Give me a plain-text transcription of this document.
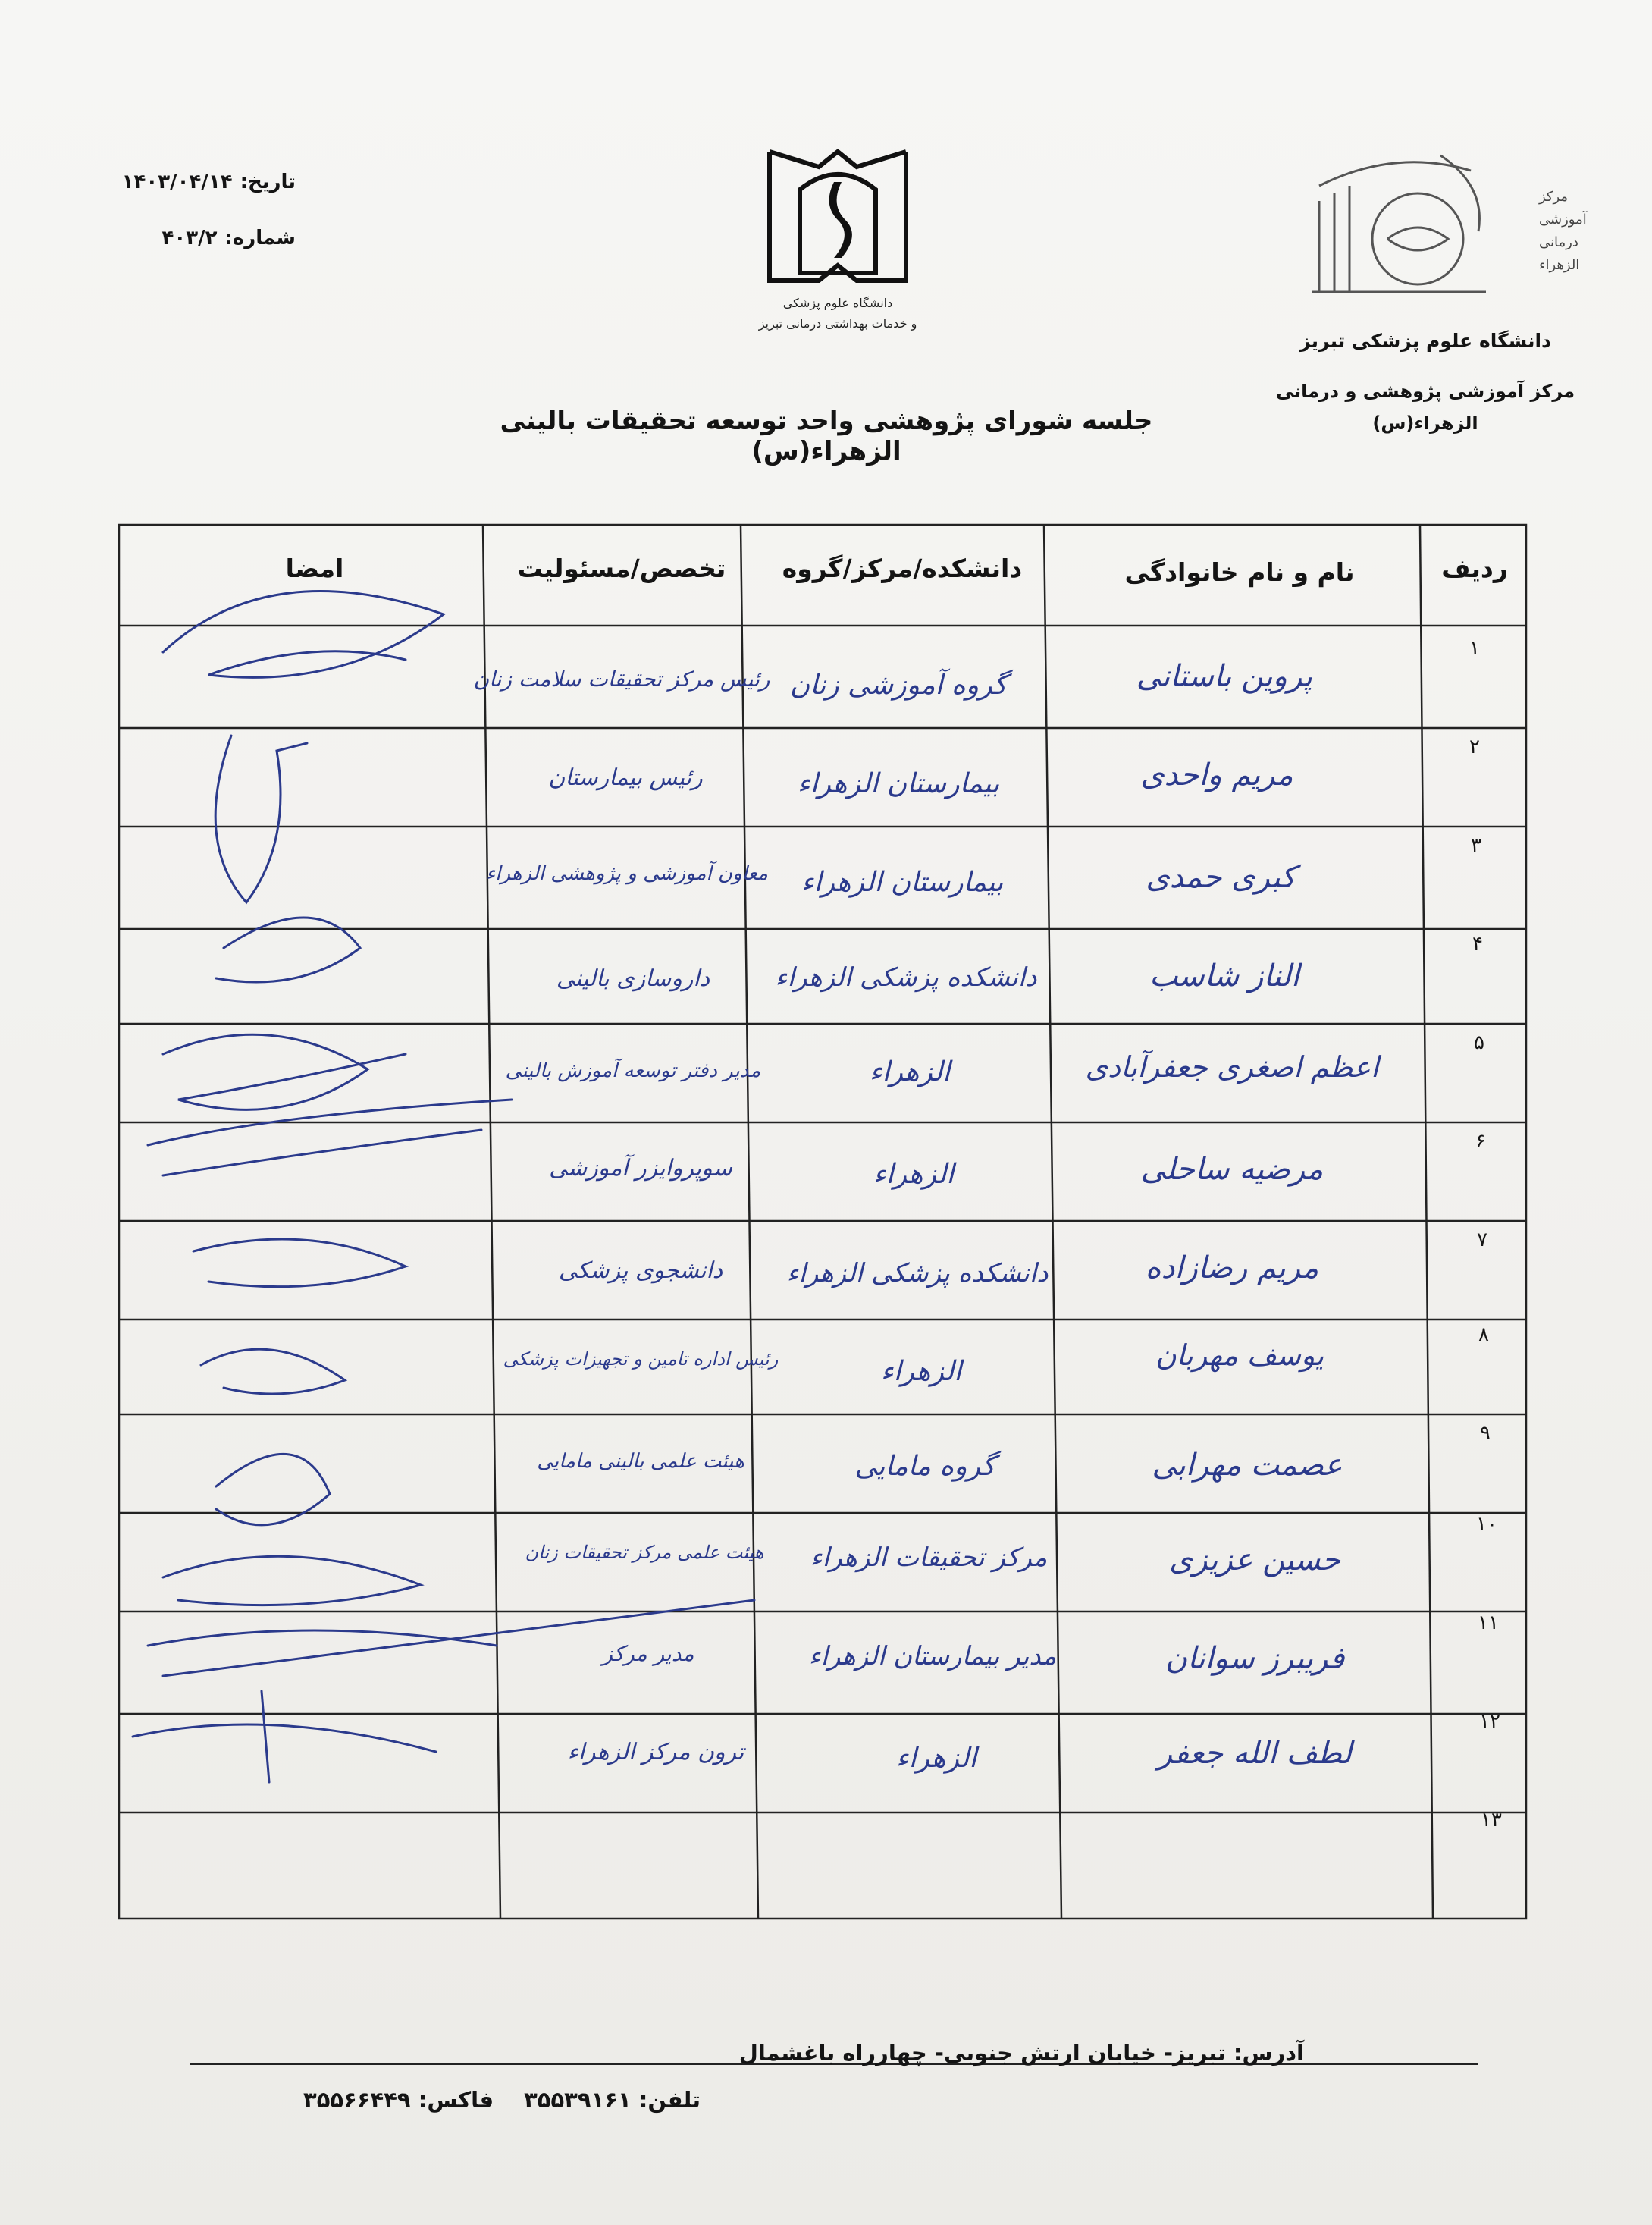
مرکز
آموزشی
درمانی
الزهراء
دانشگاه علوم پزشکی
و خدمات بهداشتی درمانی تبریز
دانشگاه علوم پزشکی تبریز
مرکز آموزشی پژوهشی و درمانی
الزهراء(س)
تاریخ:
۱۴۰۳/۰۴/۱۴
شماره:
۴۰۳/۲
جلسه شورای پژوهشی واحد توسعه تحقیقات بالینی الزهراء(س)
ردیف
نام و نام خانوادگی
دانشکده/مرکز/گروه
تخصص/مسئولیت
امضا
۱
۲
۳
۴
۵
۶
۷
۸
۹
۱۰
۱۱
۱۲
۱۳
پروین باستانی
مریم واحدی
کبری حمدی
الناز شاسب
اعظم اصغری جعفرآبادی
مرضیه ساحلی
مریم رضازاده
یوسف مهربان
عصمت مهرابی
حسین عزیزی
فریبرز سوانان
لطف الله جعفر
گروه آموزشی زنان
بیمارستان الزهراء
بیمارستان الزهراء
دانشکده پزشکی الزهراء
الزهراء
الزهراء
دانشکده پزشکی الزهراء
الزهراء
گروه مامایی
مرکز تحقیقات الزهراء
مدیر بیمارستان الزهراء
الزهراء
رئیس مرکز تحقیقات سلامت زنان
رئیس بیمارستان
معاون آموزشی و پژوهشی الزهراء
داروسازی بالینی
مدیر دفتر توسعه آموزش بالینی
سوپروایزر آموزشی
دانشجوی پزشکی
رئیس اداره تامین و تجهیزات پزشکی
هیئت علمی بالینی مامایی
هیئت علمی مرکز تحقیقات زنان
مدیر مرکز
ترون مرکز الزهراء
آدرس: تبریز- خیابان ارتش جنوبی- چهارراه باغشمال
تلفن: ۳۵۵۳۹۱۶۱
فاکس: ۳۵۵۶۶۴۴۹
